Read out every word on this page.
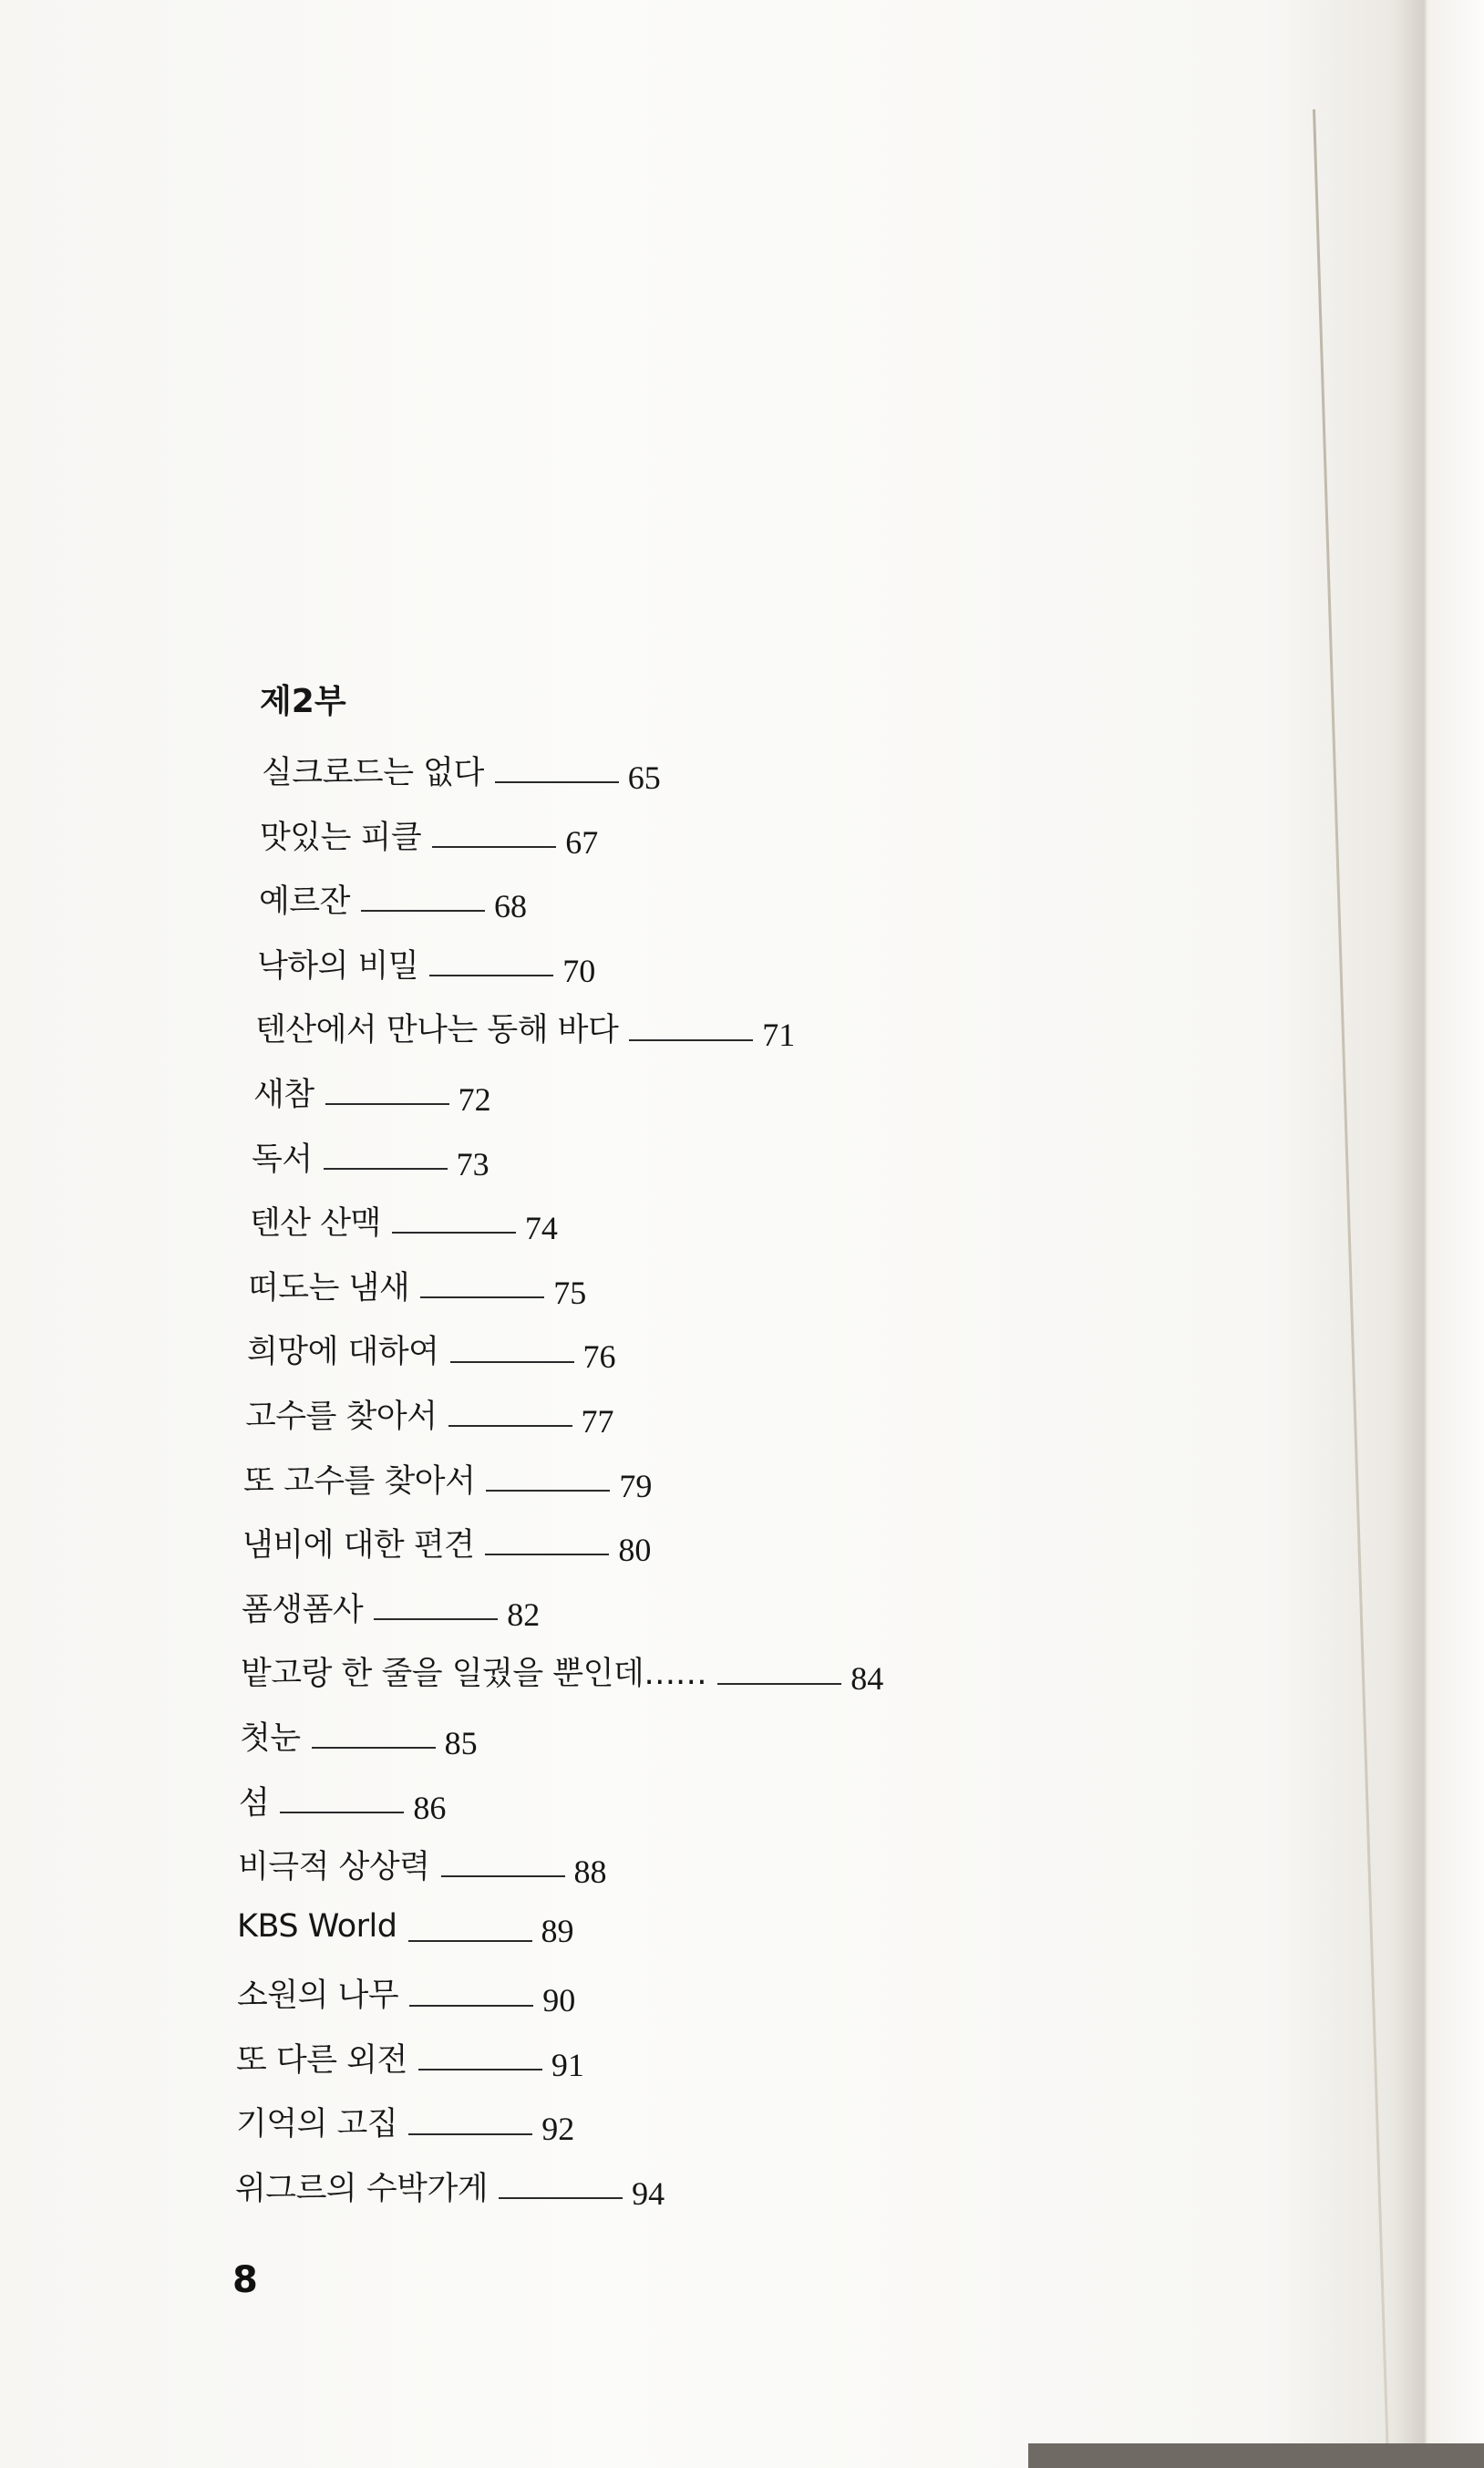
제2부
실크로드는 없다	65
맛있는 피클	67
예르잔	68
낙하의 비밀	70
텐산에서 만나는 동해 바다	71
새참	72
독서	73
텐산 산맥	74
떠도는 냄새	75
희망에 대하여	76
고수를 찾아서	77
또 고수를 찾아서	79
냄비에 대한 편견	80
폼생폼사	82
밭고랑 한 줄을 일궜을 뿐인데……	84
첫눈	85
섬	86
비극적 상상력	88
KBS World	89
소원의 나무	90
또 다른 외전	91
기억의 고집	92
위그르의 수박가게	94
8
